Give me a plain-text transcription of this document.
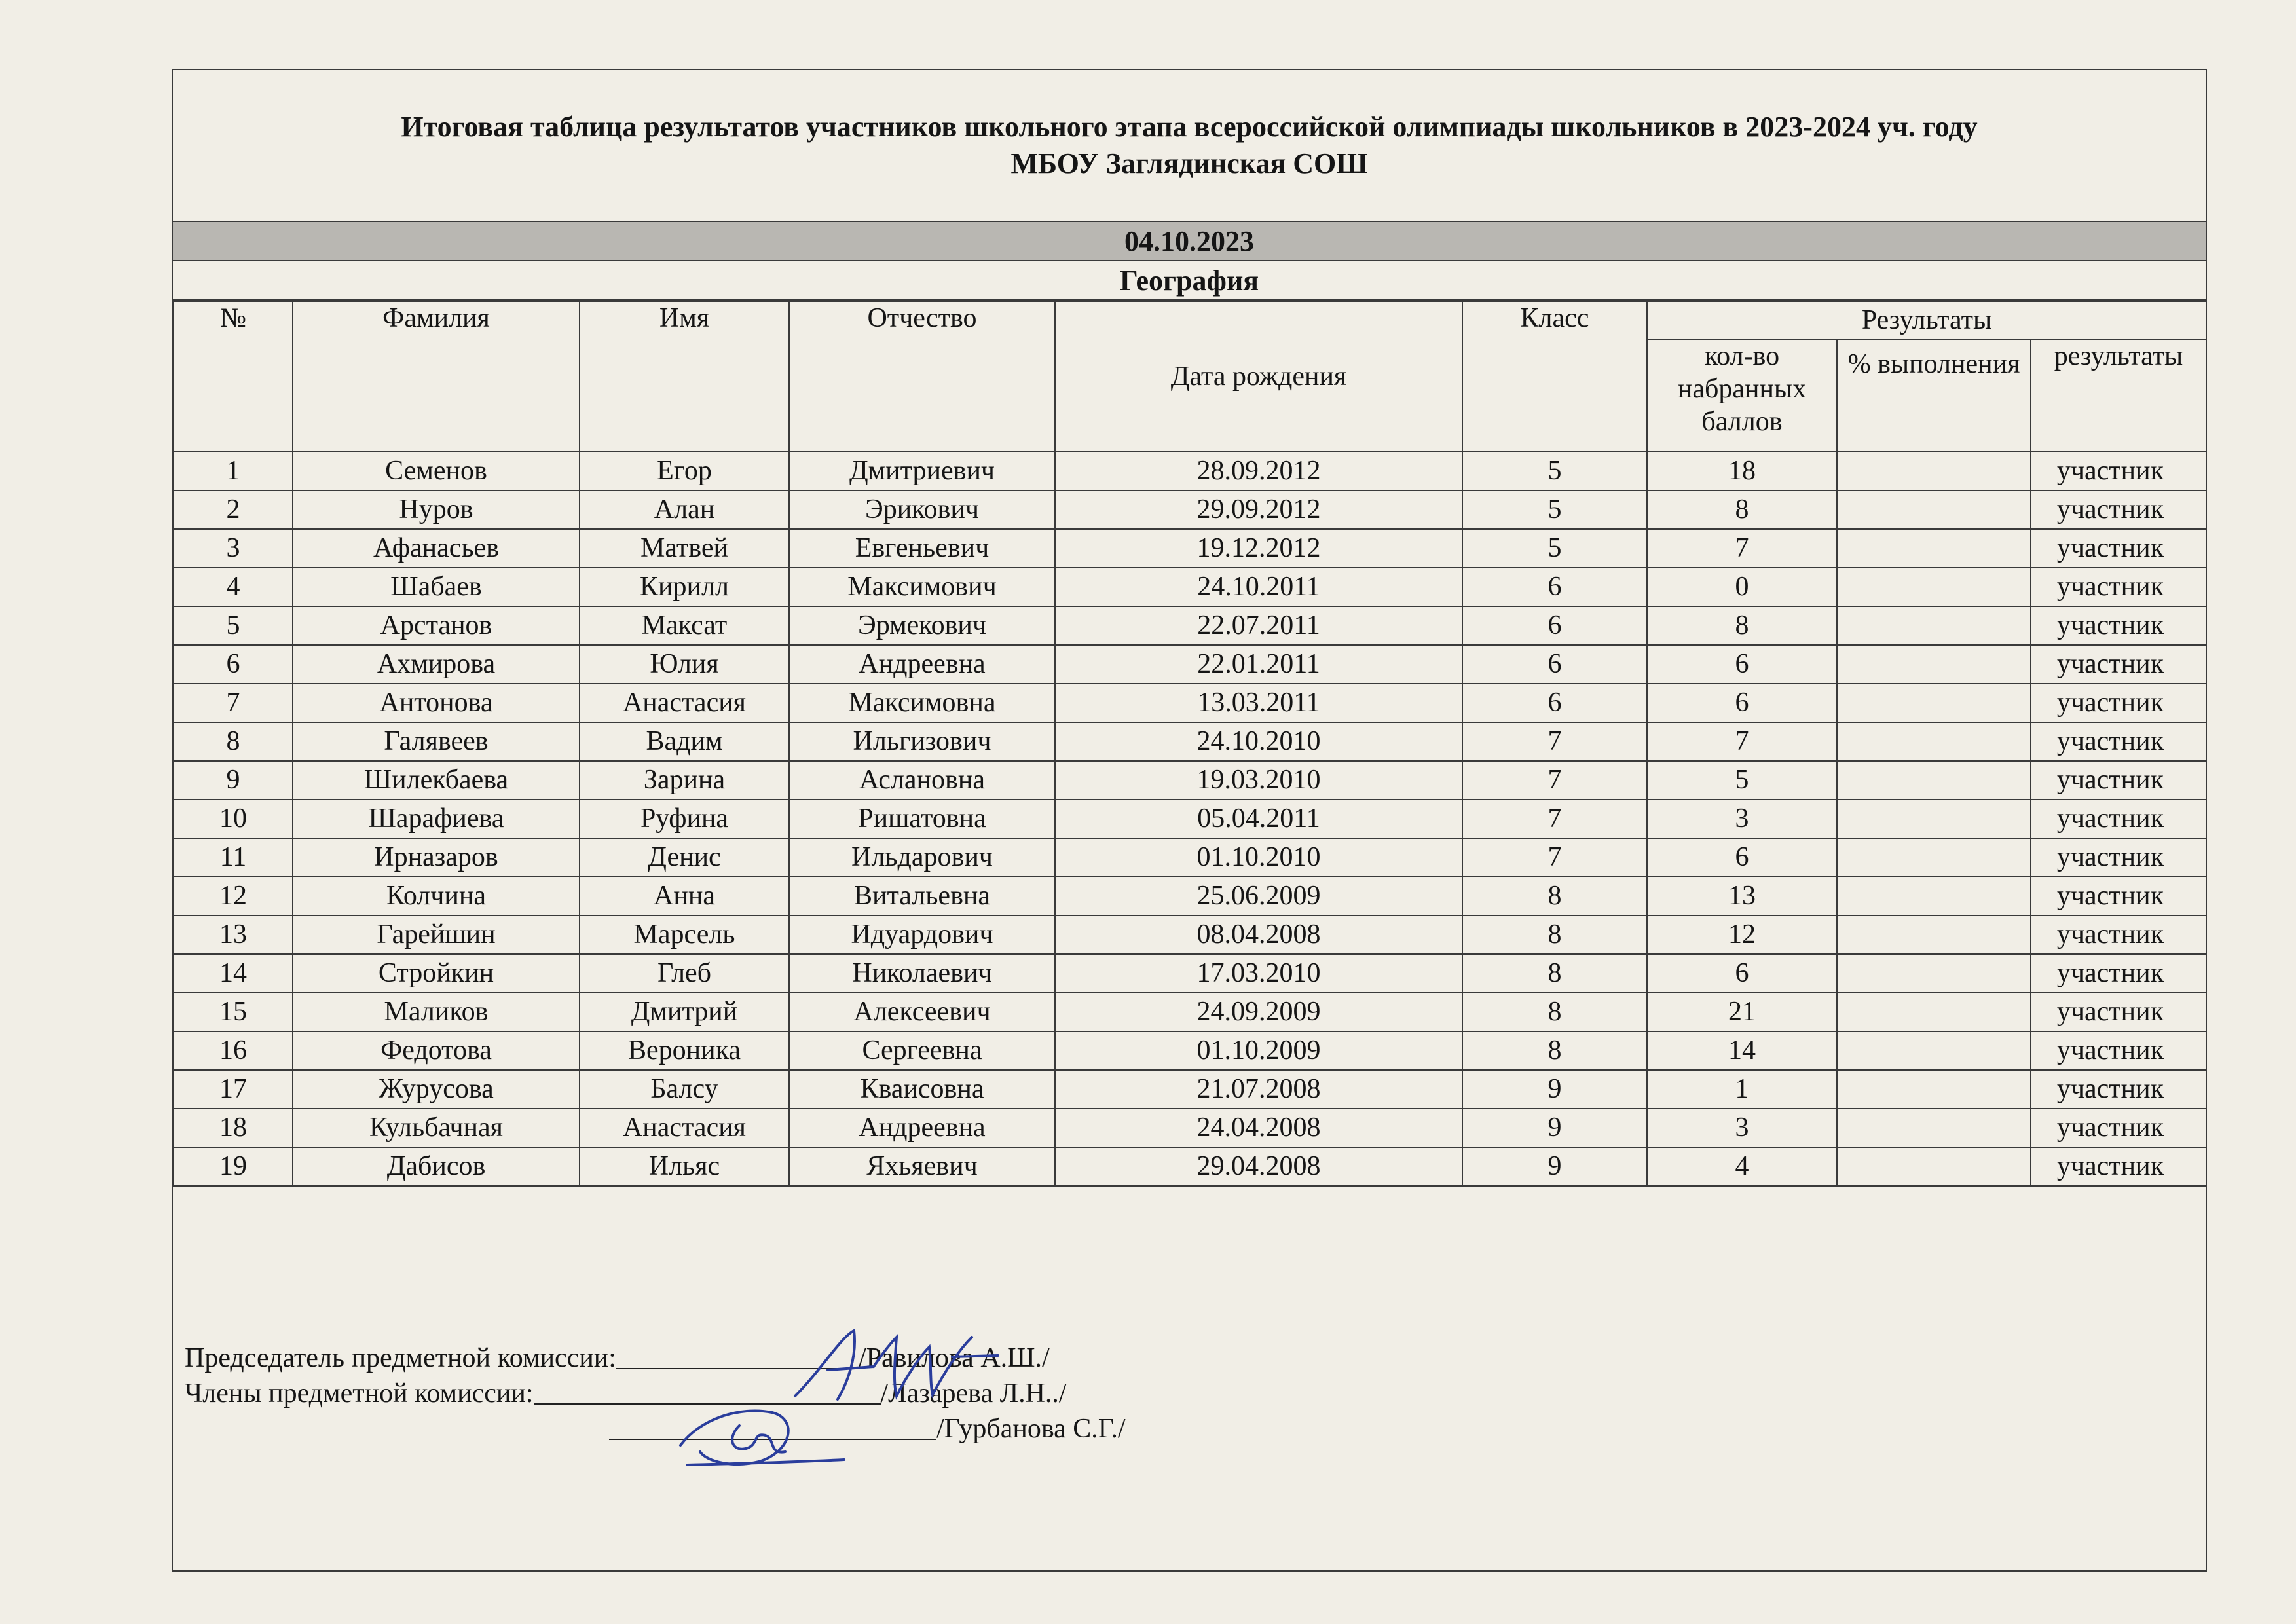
Итоговая таблица результатов участников школьного этапа всероссийской олимпиады школьников в 2023-2024 уч. году
МБОУ Заглядинская СОШ
04.10.2023
География
№	Фамилия	Имя	Отчество	Дата рождения	Класс	Результаты		
						кол-во набранных баллов	% выполнения	результаты
1	Семенов	Егор	Дмитриевич	28.09.2012	5	18		участник
2	Нуров	Алан	Эрикович	29.09.2012	5	8		участник
3	Афанасьев	Матвей	Евгеньевич	19.12.2012	5	7		участник
4	Шабаев	Кирилл	Максимович	24.10.2011	6	0		участник
5	Арстанов	Максат	Эрмекович	22.07.2011	6	8		участник
6	Ахмирова	Юлия	Андреевна	22.01.2011	6	6		участник
7	Антонова	Анастасия	Максимовна	13.03.2011	6	6		участник
8	Галявеев	Вадим	Ильгизович	24.10.2010	7	7		участник
9	Шилекбаева	Зарина	Аслановна	19.03.2010	7	5		участник
10	Шарафиева	Руфина	Ришатовна	05.04.2011	7	3		участник
11	Ирназаров	Денис	Ильдарович	01.10.2010	7	6		участник
12	Колчина	Анна	Витальевна	25.06.2009	8	13		участник
13	Гарейшин	Марсель	Идуардович	08.04.2008	8	12		участник
14	Стройкин	Глеб	Николаевич	17.03.2010	8	6		участник
15	Маликов	Дмитрий	Алексеевич	24.09.2009	8	21		участник
16	Федотова	Вероника	Сергеевна	01.10.2009	8	14		участник
17	Журусова	Балсу	Кваисовна	21.07.2008	9	1		участник
18	Кульбачная	Анастасия	Андреевна	24.04.2008	9	3		участник
19	Дабисов	Ильяс	Яхьяевич	29.04.2008	9	4		участник
Председатель предметной комиссии:	/Равилова А.Ш./
Члены предметной комиссии:	/Лазарева Л.Н../
/Гурбанова С.Г./
